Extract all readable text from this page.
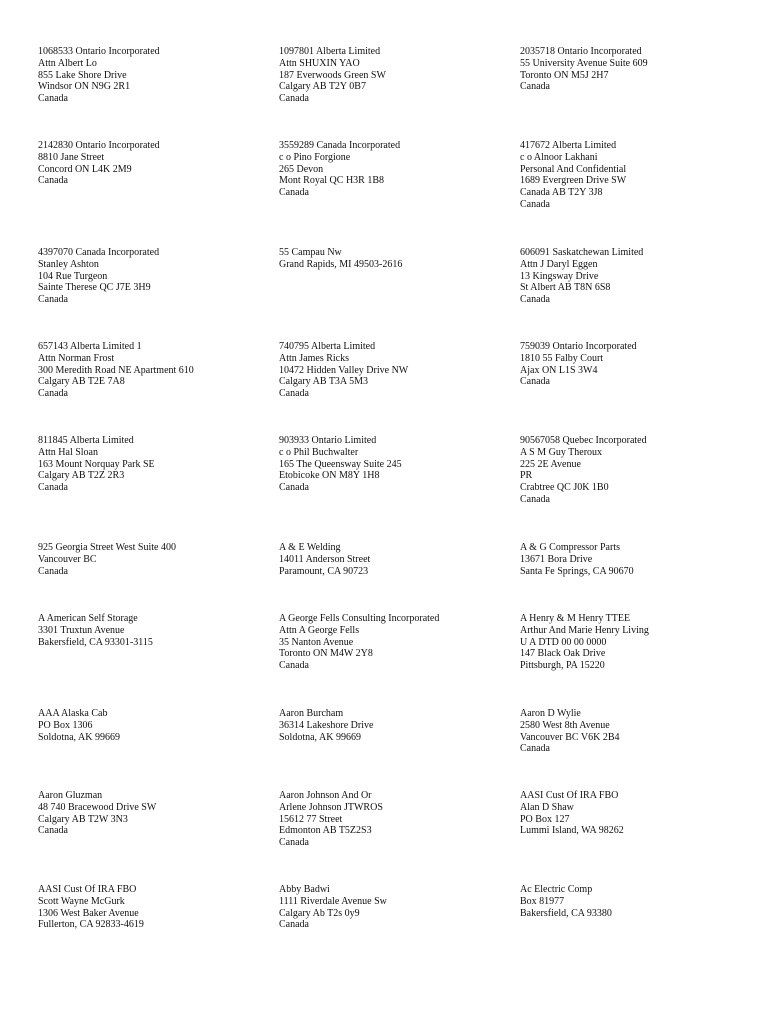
1068533 Ontario Incorporated
Attn Albert Lo
855 Lake Shore Drive
Windsor ON N9G 2R1
Canada
1097801 Alberta Limited
Attn SHUXIN YAO
187 Everwoods Green SW
Calgary AB T2Y 0B7
Canada
2035718 Ontario Incorporated
55 University Avenue Suite 609
Toronto ON M5J 2H7
Canada
2142830 Ontario Incorporated
8810 Jane Street
Concord ON L4K 2M9
Canada
3559289 Canada Incorporated
c o Pino Forgione
265 Devon
Mont Royal QC H3R 1B8
Canada
417672 Alberta Limited
c o Alnoor Lakhani
Personal And Confidential
1689 Evergreen Drive SW
Canada AB T2Y 3J8
Canada
4397070 Canada Incorporated
Stanley Ashton
104 Rue Turgeon
Sainte Therese QC J7E 3H9
Canada
55 Campau Nw
Grand Rapids, MI 49503-2616
606091 Saskatchewan Limited
Attn J Daryl Eggen
13 Kingsway Drive
St Albert AB T8N 6S8
Canada
657143 Alberta Limited 1
Attn Norman Frost
300 Meredith Road NE Apartment 610
Calgary AB T2E 7A8
Canada
740795 Alberta Limited
Attn James Ricks
10472 Hidden Valley Drive NW
Calgary AB T3A 5M3
Canada
759039 Ontario Incorporated
1810 55 Falby Court
Ajax ON L1S 3W4
Canada
811845 Alberta Limited
Attn Hal Sloan
163 Mount Norquay Park SE
Calgary AB T2Z 2R3
Canada
903933 Ontario Limited
c o Phil Buchwalter
165 The Queensway Suite 245
Etobicoke ON M8Y 1H8
Canada
90567058 Quebec Incorporated
A S M Guy Theroux
225 2E Avenue
PR
Crabtree QC J0K 1B0
Canada
925 Georgia Street West Suite 400
Vancouver BC
Canada
A & E Welding
14011 Anderson Street
Paramount, CA 90723
A & G Compressor Parts
13671 Bora Drive
Santa Fe Springs, CA 90670
A American Self Storage
3301 Truxtun Avenue
Bakersfield, CA 93301-3115
A George Fells Consulting Incorporated
Attn A George Fells
35 Nanton Avenue
Toronto ON M4W 2Y8
Canada
A Henry & M Henry TTEE
Arthur And Marie Henry Living
U A DTD 00 00 0000
147 Black Oak Drive
Pittsburgh, PA 15220
AAA Alaska Cab
PO Box 1306
Soldotna, AK 99669
Aaron Burcham
36314 Lakeshore Drive
Soldotna, AK 99669
Aaron D Wylie
2580 West 8th Avenue
Vancouver BC V6K 2B4
Canada
Aaron Gluzman
48 740 Bracewood Drive SW
Calgary AB T2W 3N3
Canada
Aaron Johnson And Or
Arlene Johnson JTWROS
15612 77 Street
Edmonton AB T5Z2S3
Canada
AASI Cust Of IRA FBO
Alan D Shaw
PO Box 127
Lummi Island, WA 98262
AASI Cust Of IRA FBO
Scott Wayne McGurk
1306 West Baker Avenue
Fullerton, CA 92833-4619
Abby Badwi
1111 Riverdale Avenue Sw
Calgary Ab T2s 0y9
Canada
Ac Electric Comp
Box 81977
Bakersfield, CA 93380
